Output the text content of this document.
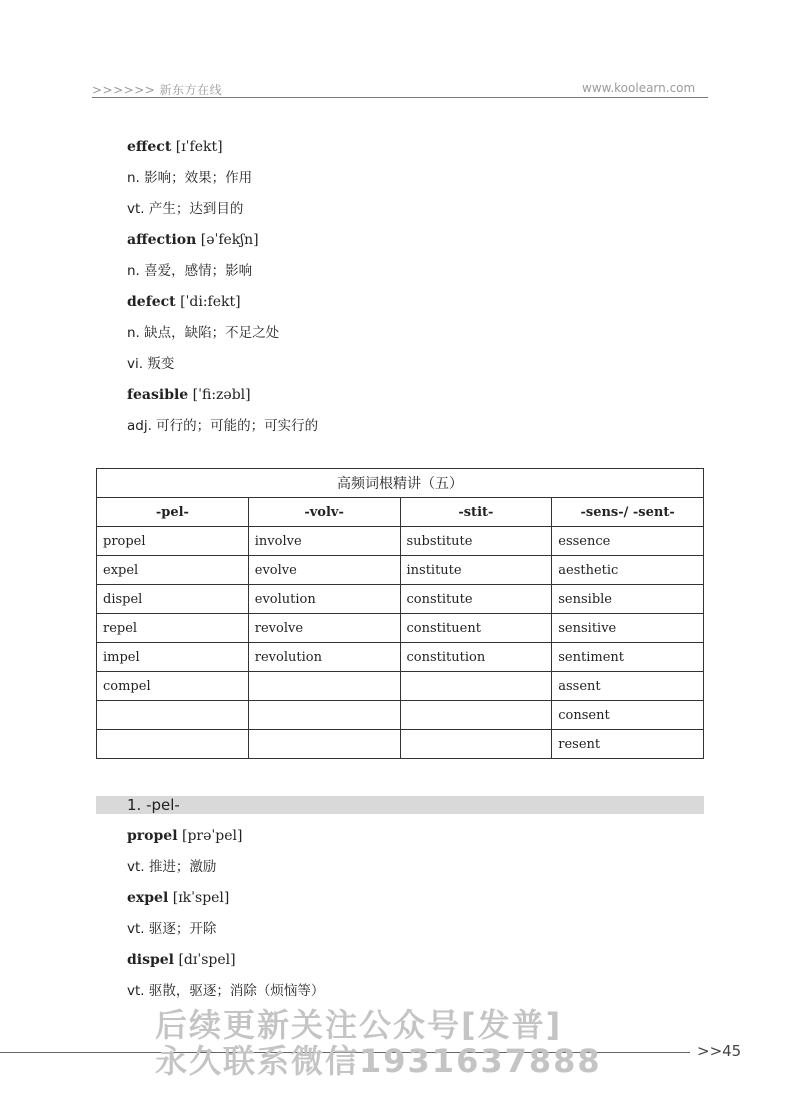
>>>>>> 新东方在线	www.koolearn.com
effect [ɪˈfekt]
n. 影响；效果；作用
vt. 产生；达到目的
affection [əˈfekʃn]
n. 喜爱，感情；影响
defect [ˈdi:fekt]
n. 缺点，缺陷；不足之处
vi. 叛变
feasible [ˈfi:zəbl]
adj. 可行的；可能的；可实行的
高频词根精讲（五）			
-pel-	-volv-	-stit-	-sens-/ -sent-
propel	involve	substitute	essence
expel	evolve	institute	aesthetic
dispel	evolution	constitute	sensible
repel	revolve	constituent	sensitive
impel	revolution	constitution	sentiment
compel			assent
			consent
			resent
1. -pel-
propel [prəˈpel]
vt. 推进；激励
expel [ɪkˈspel]
vt. 驱逐；开除
dispel [dɪˈspel]
vt. 驱散，驱逐；消除（烦恼等）
后续更新关注公众号[发普]
永久联系微信1931637888	>>45
